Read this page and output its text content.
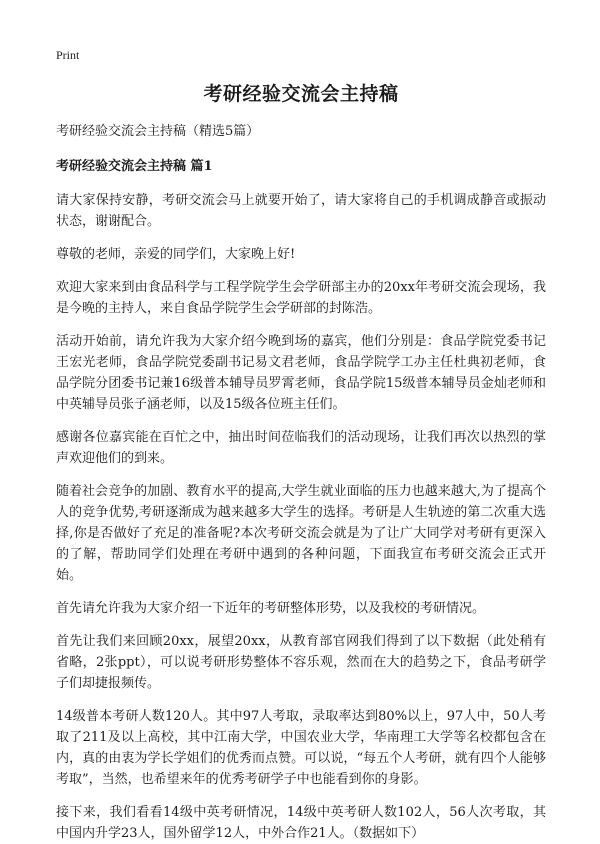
Print
考研经验交流会主持稿
考研经验交流会主持稿（精选5篇）
考研经验交流会主持稿 篇1

请大家保持安静，考研交流会马上就要开始了，请大家将自己的手机调成静音或振动状态，谢谢配合。

尊敬的老师，亲爱的同学们，大家晚上好!

欢迎大家来到由食品科学与工程学院学生会学研部主办的20xx年考研交流会现场，我是今晚的主持人，来自食品学院学生会学研部的封陈浩。

活动开始前，请允许我为大家介绍今晚到场的嘉宾，他们分别是：食品学院党委书记王宏光老师，食品学院党委副书记易文君老师，食品学院学工办主任杜典初老师，食品学院分团委书记兼16级普本辅导员罗霄老师，食品学院15级普本辅导员金灿老师和中英辅导员张子涵老师，以及15级各位班主任们。

感谢各位嘉宾能在百忙之中，抽出时间莅临我们的活动现场，让我们再次以热烈的掌声欢迎他们的到来。

随着社会竞争的加剧、教育水平的提高,大学生就业面临的压力也越来越大,为了提高个人的竞争优势,考研逐渐成为越来越多大学生的选择。考研是人生轨迹的第二次重大选择,你是否做好了充足的准备呢?本次考研交流会就是为了让广大同学对考研有更深入的了解，帮助同学们处理在考研中遇到的各种问题，下面我宣布考研交流会正式开始。

首先请允许我为大家介绍一下近年的考研整体形势，以及我校的考研情况。

首先让我们来回顾20xx，展望20xx，从教育部官网我们得到了以下数据（此处稍有省略，2张ppt），可以说考研形势整体不容乐观，然而在大的趋势之下，食品考研学子们却捷报频传。

14级普本考研人数120人。其中97人考取，录取率达到80%以上，97人中，50人考取了211及以上高校，其中江南大学，中国农业大学，华南理工大学等名校都包含在内，真的由衷为学长学姐们的优秀而点赞。可以说，“每五个人考研，就有四个人能够考取”，当然，也希望来年的优秀考研学子中也能看到你的身影。

接下来，我们看看14级中英考研情况，14级中英考研人数102人，56人次考取，其中国内升学23人，国外留学12人，中外合作21人。（数据如下）
